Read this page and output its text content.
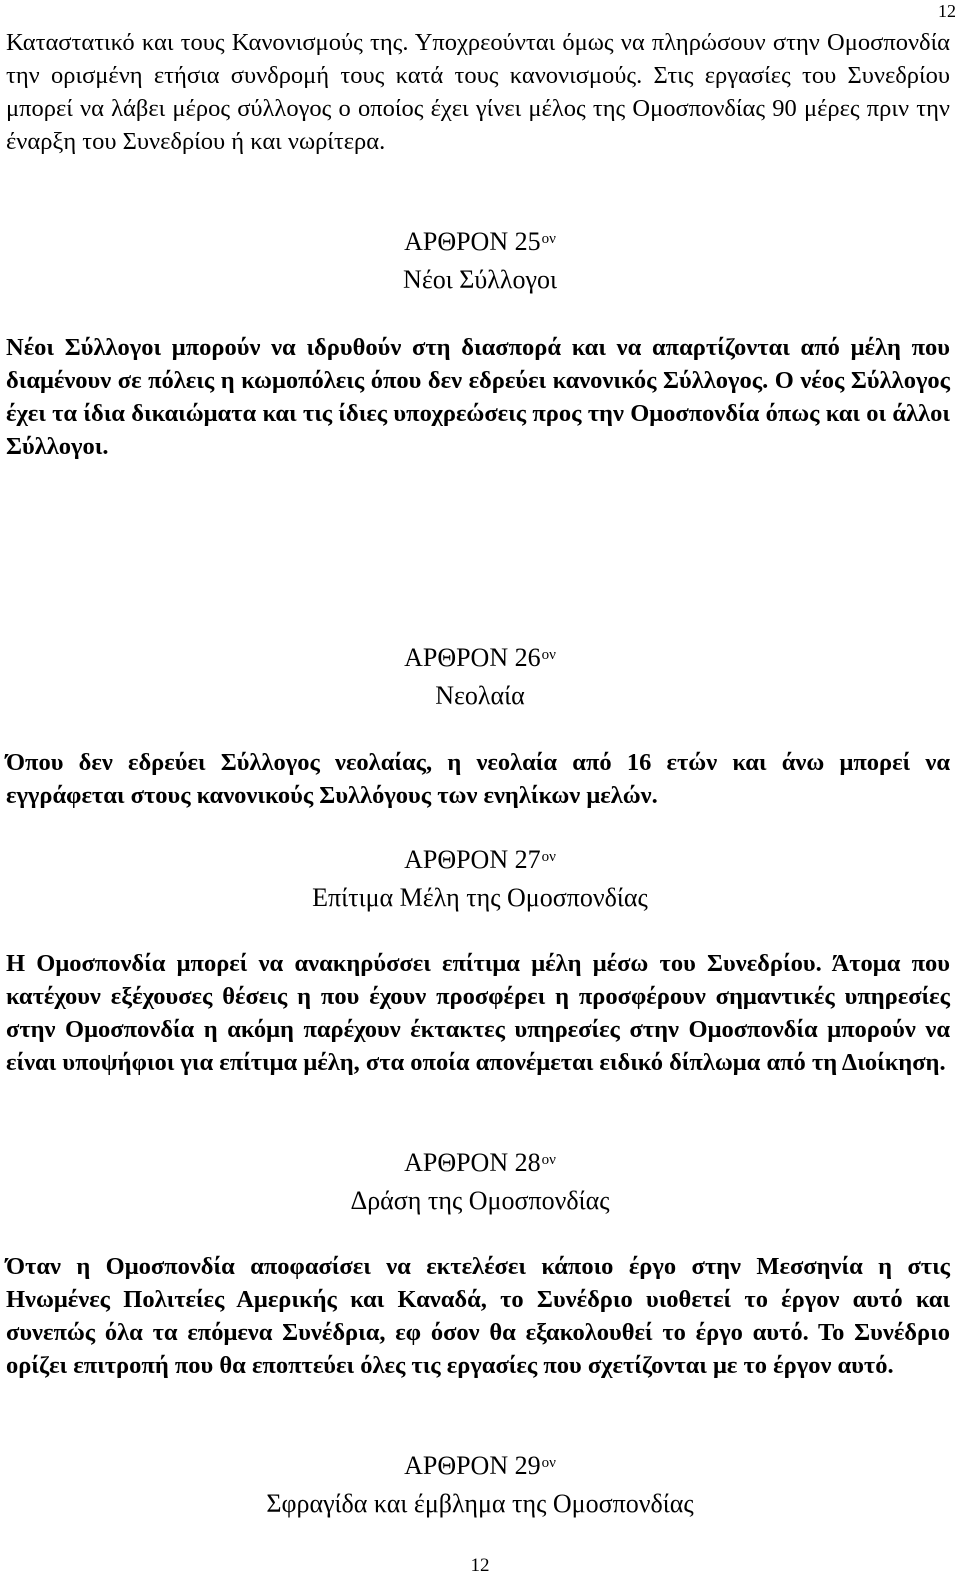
12
Καταστατικό και τους Κανονισμούς της. Υποχρεούνται όμως να πληρώσουν στην Ομοσπονδία την ορισμένη ετήσια συνδρομή τους κατά τους κανονισμούς. Στις εργασίες του Συνεδρίου μπορεί να λάβει μέρος σύλλογος ο οποίος έχει γίνει μέλος της Ομοσπονδίας 90 μέρες πριν την έναρξη του Συνεδρίου ή και νωρίτερα.
ΑΡΘΡΟΝ $25^{o\nu}$
Νέοι Σύλλογοι
Νέοι Σύλλογοι μπορούν να ιδρυθούν στη διασπορά και να απαρτίζονται από μέλη που διαμένουν σε πόλεις η κωμοπόλεις όπου δεν εδρεύει κανονικός Σύλλογος. Ο νέος Σύλλογος έχει τα ίδια δικαιώματα και τις ίδιες υποχρεώσεις προς την Ομοσπονδία όπως και οι άλλοι Σύλλογοι.
ΑΡΘΡΟΝ $26^{o\nu}$
Νεολαία
Όπου δεν εδρεύει Σύλλογος νεολαίας, η νεολαία από 16 ετών και άνω μπορεί να εγγράφεται στους κανονικούς Συλλόγους των ενηλίκων μελών.
ΑΡΘΡΟΝ $27^{o\nu}$
Επίτιμα Μέλη της Ομοσπονδίας
Η Ομοσπονδία μπορεί να ανακηρύσσει επίτιμα μέλη μέσω του Συνεδρίου. Άτομα που κατέχουν εξέχουσες θέσεις η που έχουν προσφέρει η προσφέρουν σημαντικές υπηρεσίες στην Ομοσπονδία η ακόμη παρέχουν έκτακτες υπηρεσίες στην Ομοσπονδία μπορούν να είναι υποψήφιοι για επίτιμα μέλη, στα οποία απονέμεται ειδικό δίπλωμα από τη Διοίκηση.
ΑΡΘΡΟΝ $28^{o\nu}$
Δράση της Ομοσπονδίας
Όταν η Ομοσπονδία αποφασίσει να εκτελέσει κάποιο έργο στην Μεσσηνία η στις Ηνωμένες Πολιτείες Αμερικής και Καναδά, το Συνέδριο υιοθετεί το έργον αυτό και συνεπώς όλα τα επόμενα Συνέδρια, εφ όσον θα εξακολουθεί το έργο αυτό. Το Συνέδριο ορίζει επιτροπή που θα εποπτεύει όλες τις εργασίες που σχετίζονται με το έργον αυτό.
ΑΡΘΡΟΝ $29^{o\nu}$
Σφραγίδα και έμβλημα της Ομοσπονδίας
12
